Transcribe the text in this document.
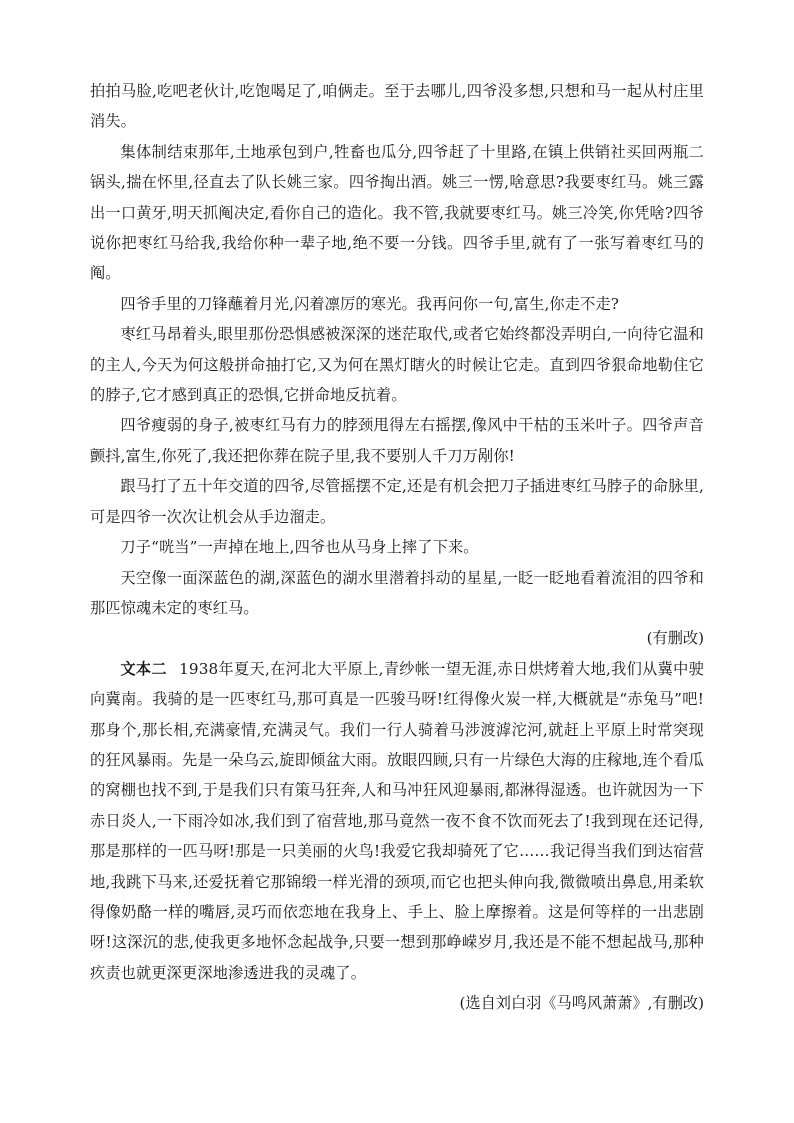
拍拍马脸,吃吧老伙计,吃饱喝足了,咱俩走。至于去哪儿,四爷没多想,只想和马一起从村庄里消失。

集体制结束那年,土地承包到户,牲畜也瓜分,四爷赶了十里路,在镇上供销社买回两瓶二锅头,揣在怀里,径直去了队长姚三家。四爷掏出酒。姚三一愣,啥意思?我要枣红马。姚三露出一口黄牙,明天抓阄决定,看你自己的造化。我不管,我就要枣红马。姚三冷笑,你凭啥?四爷说你把枣红马给我,我给你种一辈子地,绝不要一分钱。四爷手里,就有了一张写着枣红马的阄。

四爷手里的刀锋蘸着月光,闪着凛厉的寒光。我再问你一句,富生,你走不走?

枣红马昂着头,眼里那份恐惧感被深深的迷茫取代,或者它始终都没弄明白,一向待它温和的主人,今天为何这般拼命抽打它,又为何在黑灯瞎火的时候让它走。直到四爷狠命地勒住它的脖子,它才感到真正的恐惧,它拼命地反抗着。

四爷瘦弱的身子,被枣红马有力的脖颈甩得左右摇摆,像风中干枯的玉米叶子。四爷声音颤抖,富生,你死了,我还把你葬在院子里,我不要别人千刀万剐你!

跟马打了五十年交道的四爷,尽管摇摆不定,还是有机会把刀子插进枣红马脖子的命脉里,可是四爷一次次让机会从手边溜走。

刀子“咣当”一声掉在地上,四爷也从马身上摔了下来。

天空像一面深蓝色的湖,深蓝色的湖水里潜着抖动的星星,一眨一眨地看着流泪的四爷和那匹惊魂未定的枣红马。

(有删改)

文本二 1938年夏天,在河北大平原上,青纱帐一望无涯,赤日烘烤着大地,我们从冀中驶向冀南。我骑的是一匹枣红马,那可真是一匹骏马呀!红得像火炭一样,大概就是“赤兔马”吧!那身个,那长相,充满豪情,充满灵气。我们一行人骑着马涉渡滹沱河,就赶上平原上时常突现的狂风暴雨。先是一朵乌云,旋即倾盆大雨。放眼四顾,只有一片绿色大海的庄稼地,连个看瓜的窝棚也找不到,于是我们只有策马狂奔,人和马冲狂风迎暴雨,都淋得湿透。也许就因为一下赤日炎人,一下雨冷如冰,我们到了宿营地,那马竟然一夜不食不饮而死去了!我到现在还记得,那是那样的一匹马呀!那是一只美丽的火鸟!我爱它我却骑死了它……我记得当我们到达宿营地,我跳下马来,还爱抚着它那锦缎一样光滑的颈项,而它也把头伸向我,微微喷出鼻息,用柔软得像奶酪一样的嘴唇,灵巧而依恋地在我身上、手上、脸上摩擦着。这是何等样的一出悲剧呀!这深沉的悲,使我更多地怀念起战争,只要一想到那峥嵘岁月,我还是不能不想起战马,那种疚责也就更深更深地渗透进我的灵魂了。

(选自刘白羽《马鸣风萧萧》,有删改)
